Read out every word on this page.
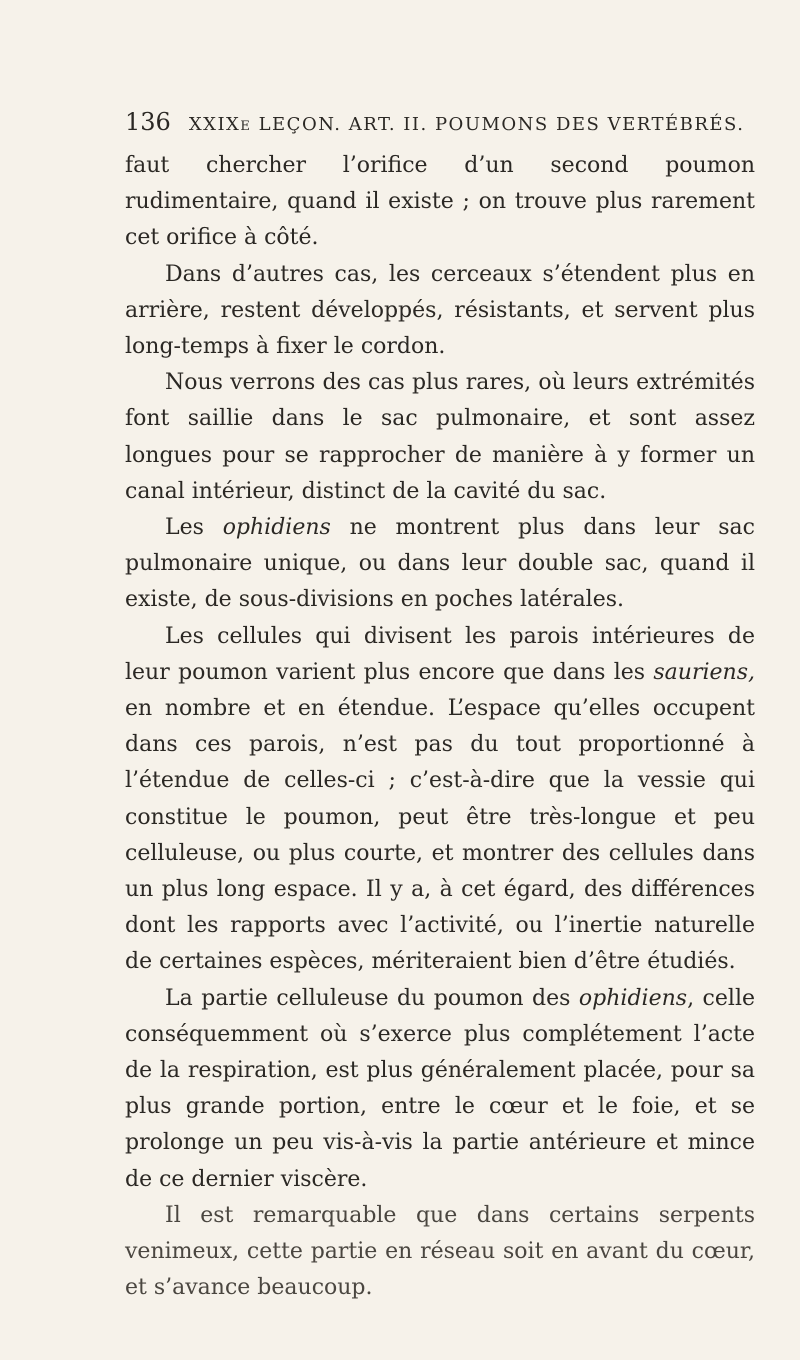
136 XXIXe LEÇON. ART. II. POUMONS DES VERTÉBRÉS.

faut chercher l’orifice d’un second poumon rudimentaire, quand il existe ; on trouve plus rarement cet orifice à côté.

Dans d’autres cas, les cerceaux s’étendent plus en arrière, restent développés, résistants, et servent plus long-temps à fixer le cordon.

Nous verrons des cas plus rares, où leurs extrémités font saillie dans le sac pulmonaire, et sont assez longues pour se rapprocher de manière à y former un canal intérieur, distinct de la cavité du sac.

Les ophidiens ne montrent plus dans leur sac pulmonaire unique, ou dans leur double sac, quand il existe, de sous-divisions en poches latérales.

Les cellules qui divisent les parois intérieures de leur poumon varient plus encore que dans les sauriens, en nombre et en étendue. L’espace qu’elles occupent dans ces parois, n’est pas du tout proportionné à l’étendue de celles-ci ; c’est-à-dire que la vessie qui constitue le poumon, peut être très-longue et peu celluleuse, ou plus courte, et montrer des cellules dans un plus long espace. Il y a, à cet égard, des différences dont les rapports avec l’activité, ou l’inertie naturelle de certaines espèces, mériteraient bien d’être étudiés.

La partie celluleuse du poumon des ophidiens, celle conséquemment où s’exerce plus complétement l’acte de la respiration, est plus généralement placée, pour sa plus grande portion, entre le cœur et le foie, et se prolonge un peu vis-à-vis la partie antérieure et mince de ce dernier viscère.

Il est remarquable que dans certains serpents venimeux, cette partie en réseau soit en avant du cœur, et s’avance beaucoup.
